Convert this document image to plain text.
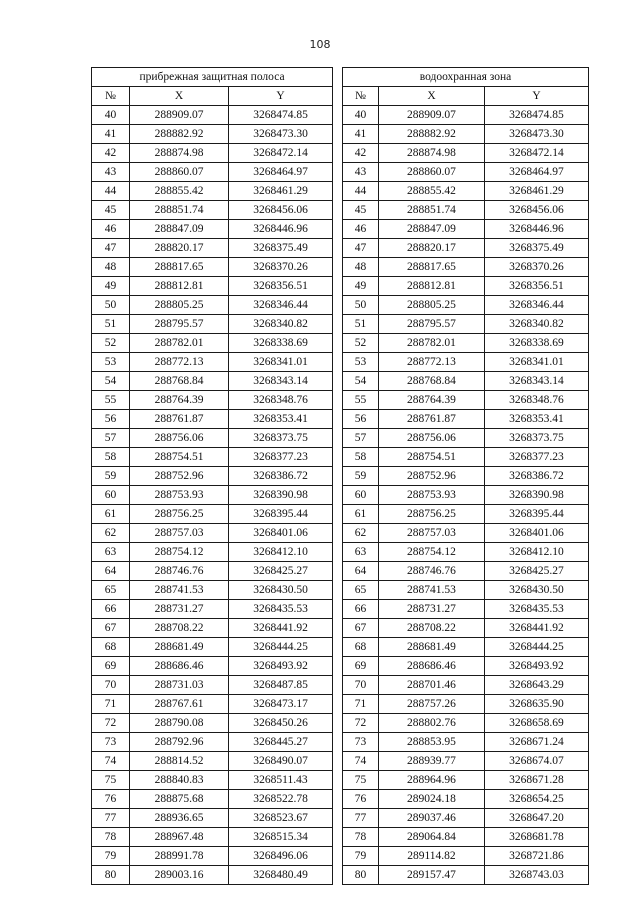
108
прибрежная защитная полоса		
№	X	Y
40	288909.07	3268474.85
41	288882.92	3268473.30
42	288874.98	3268472.14
43	288860.07	3268464.97
44	288855.42	3268461.29
45	288851.74	3268456.06
46	288847.09	3268446.96
47	288820.17	3268375.49
48	288817.65	3268370.26
49	288812.81	3268356.51
50	288805.25	3268346.44
51	288795.57	3268340.82
52	288782.01	3268338.69
53	288772.13	3268341.01
54	288768.84	3268343.14
55	288764.39	3268348.76
56	288761.87	3268353.41
57	288756.06	3268373.75
58	288754.51	3268377.23
59	288752.96	3268386.72
60	288753.93	3268390.98
61	288756.25	3268395.44
62	288757.03	3268401.06
63	288754.12	3268412.10
64	288746.76	3268425.27
65	288741.53	3268430.50
66	288731.27	3268435.53
67	288708.22	3268441.92
68	288681.49	3268444.25
69	288686.46	3268493.92
70	288731.03	3268487.85
71	288767.61	3268473.17
72	288790.08	3268450.26
73	288792.96	3268445.27
74	288814.52	3268490.07
75	288840.83	3268511.43
76	288875.68	3268522.78
77	288936.65	3268523.67
78	288967.48	3268515.34
79	288991.78	3268496.06
80	289003.16	3268480.49
водоохранная зона		
№	X	Y
40	288909.07	3268474.85
41	288882.92	3268473.30
42	288874.98	3268472.14
43	288860.07	3268464.97
44	288855.42	3268461.29
45	288851.74	3268456.06
46	288847.09	3268446.96
47	288820.17	3268375.49
48	288817.65	3268370.26
49	288812.81	3268356.51
50	288805.25	3268346.44
51	288795.57	3268340.82
52	288782.01	3268338.69
53	288772.13	3268341.01
54	288768.84	3268343.14
55	288764.39	3268348.76
56	288761.87	3268353.41
57	288756.06	3268373.75
58	288754.51	3268377.23
59	288752.96	3268386.72
60	288753.93	3268390.98
61	288756.25	3268395.44
62	288757.03	3268401.06
63	288754.12	3268412.10
64	288746.76	3268425.27
65	288741.53	3268430.50
66	288731.27	3268435.53
67	288708.22	3268441.92
68	288681.49	3268444.25
69	288686.46	3268493.92
70	288701.46	3268643.29
71	288757.26	3268635.90
72	288802.76	3268658.69
73	288853.95	3268671.24
74	288939.77	3268674.07
75	288964.96	3268671.28
76	289024.18	3268654.25
77	289037.46	3268647.20
78	289064.84	3268681.78
79	289114.82	3268721.86
80	289157.47	3268743.03
